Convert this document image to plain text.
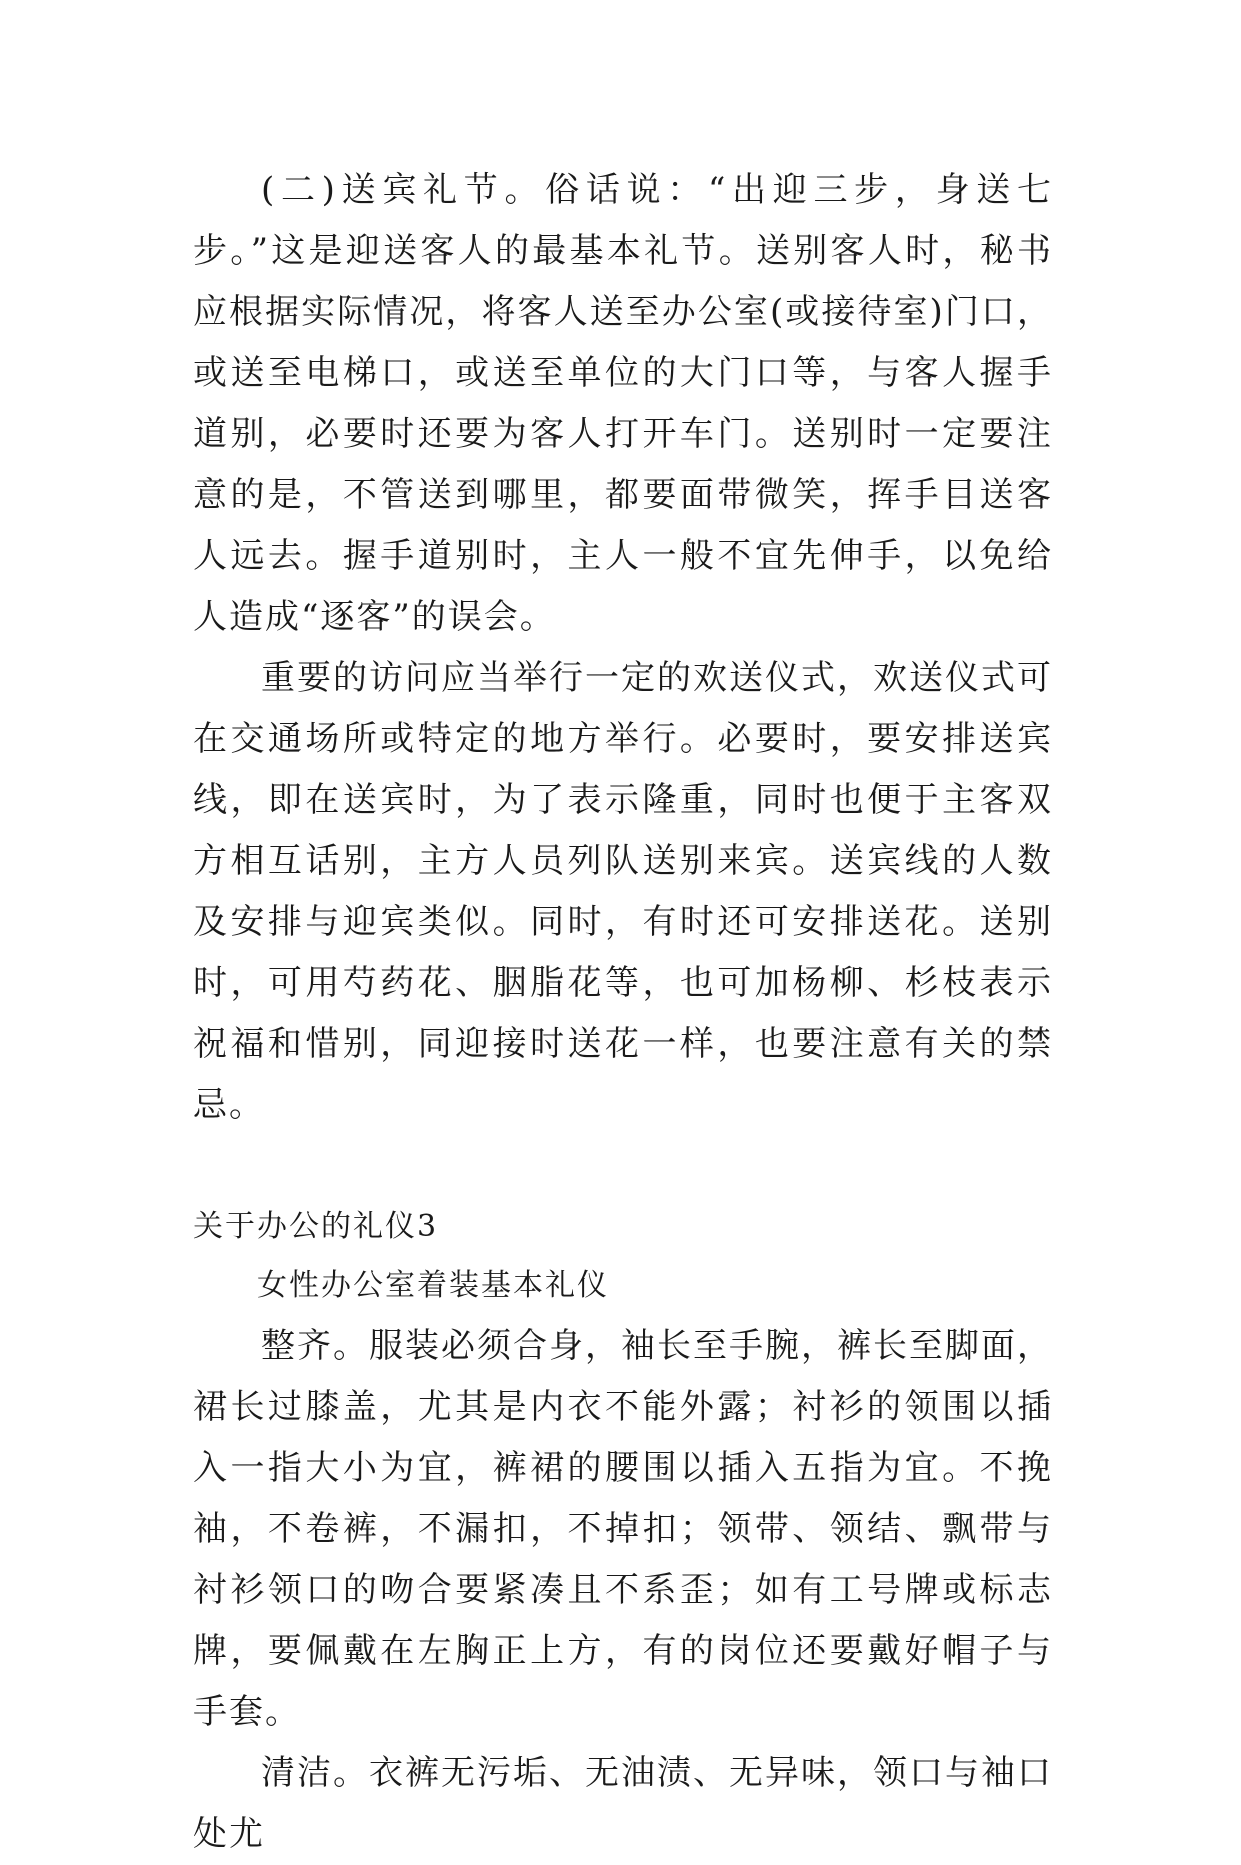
(二)送宾礼节。俗话说：“出迎三步，身送七步。”这是迎送客人的最基本礼节。送别客人时，秘书应根据实际情况，将客人送至办公室(或接待室)门口，或送至电梯口，或送至单位的大门口等，与客人握手道别，必要时还要为客人打开车门。送别时一定要注意的是，不管送到哪里，都要面带微笑，挥手目送客人远去。握手道别时，主人一般不宜先伸手，以免给人造成“逐客”的误会。

重要的访问应当举行一定的欢送仪式，欢送仪式可在交通场所或特定的地方举行。必要时，要安排送宾线，即在送宾时，为了表示隆重，同时也便于主客双方相互话别，主方人员列队送别来宾。送宾线的人数及安排与迎宾类似。同时，有时还可安排送花。送别时，可用芍药花、胭脂花等，也可加杨柳、杉枝表示祝福和惜别，同迎接时送花一样，也要注意有关的禁忌。

关于办公的礼仪3

女性办公室着装基本礼仪

整齐。服装必须合身，袖长至手腕，裤长至脚面，裙长过膝盖，尤其是内衣不能外露；衬衫的领围以插入一指大小为宜，裤裙的腰围以插入五指为宜。不挽袖，不卷裤，不漏扣，不掉扣；领带、领结、飘带与衬衫领口的吻合要紧凑且不系歪；如有工号牌或标志牌，要佩戴在左胸正上方，有的岗位还要戴好帽子与手套。

清洁。衣裤无污垢、无油渍、无异味，领口与袖口处尤
